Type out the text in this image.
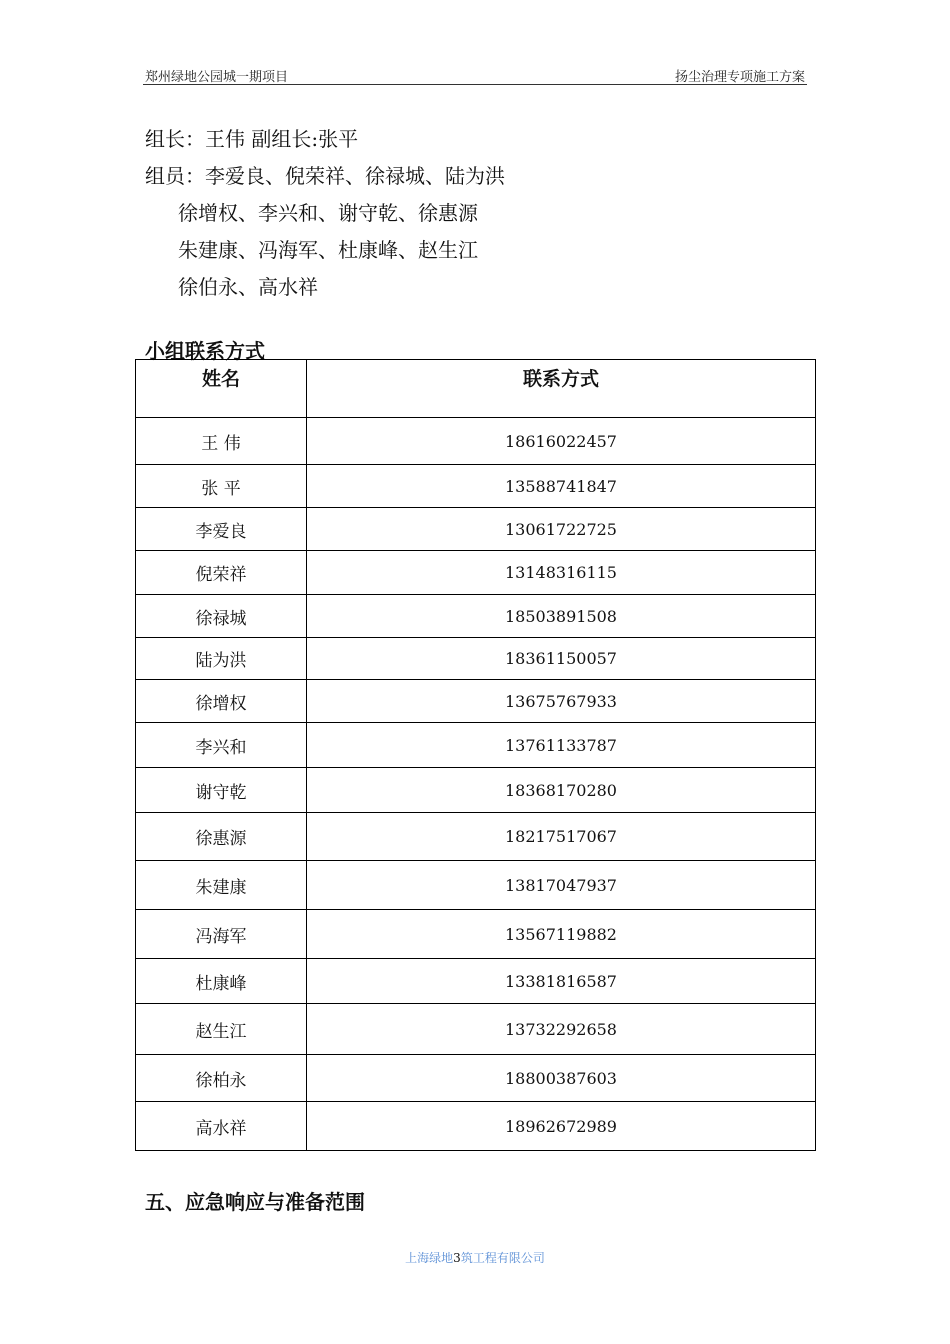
郑州绿地公园城一期项目	扬尘治理专项施工方案
组长：王伟 副组长:张平
组员：李爱良、倪荣祥、徐禄城、陆为洪
徐增权、李兴和、谢守乾、徐惠源
朱建康、冯海军、杜康峰、赵生江
徐伯永、高水祥
小组联系方式
姓名	联系方式
王 伟	18616022457
张 平	13588741847
李爱良	13061722725
倪荣祥	13148316115
徐禄城	18503891508
陆为洪	18361150057
徐增权	13675767933
李兴和	13761133787
谢守乾	18368170280
徐惠源	18217517067
朱建康	13817047937
冯海军	13567119882
杜康峰	13381816587
赵生江	13732292658
徐柏永	18800387603
高水祥	18962672989
五、应急响应与准备范围
上海绿地3筑工程有限公司
